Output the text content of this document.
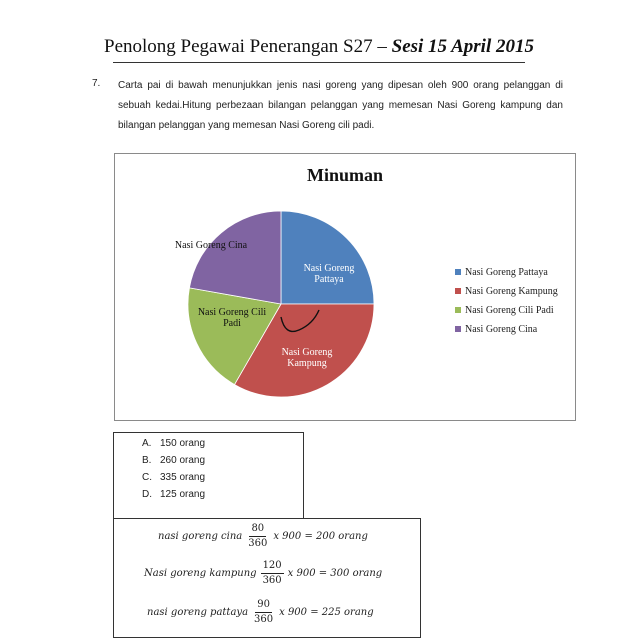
Penolong Pegawai Penerangan S27 – Sesi 15 April 2015
7. Carta pai di bawah menunjukkan jenis nasi goreng yang dipesan oleh 900 orang pelanggan di sebuah kedai.Hitung perbezaan bilangan pelanggan yang memesan Nasi Goreng kampung dan bilangan pelanggan yang memesan Nasi Goreng cili padi.
Minuman
Nasi Goreng Pattaya
Nasi Goreng Kampung
Nasi Goreng Cili Padi
Nasi Goreng Cina
Nasi Goreng Pattaya
Nasi Goreng Kampung
Nasi Goreng Cili Padi
Nasi Goreng Cina
A. 150 orang
B. 260 orang
C. 335 orang
D. 125 orang
nasi goreng cina $\frac{80}{360}$ x 900 = 200 orang
Nasi goreng kampung $\frac{120}{360}$ x 900 = 300 orang
nasi goreng pattaya $\frac{90}{360}$ x 900 = 225 orang
